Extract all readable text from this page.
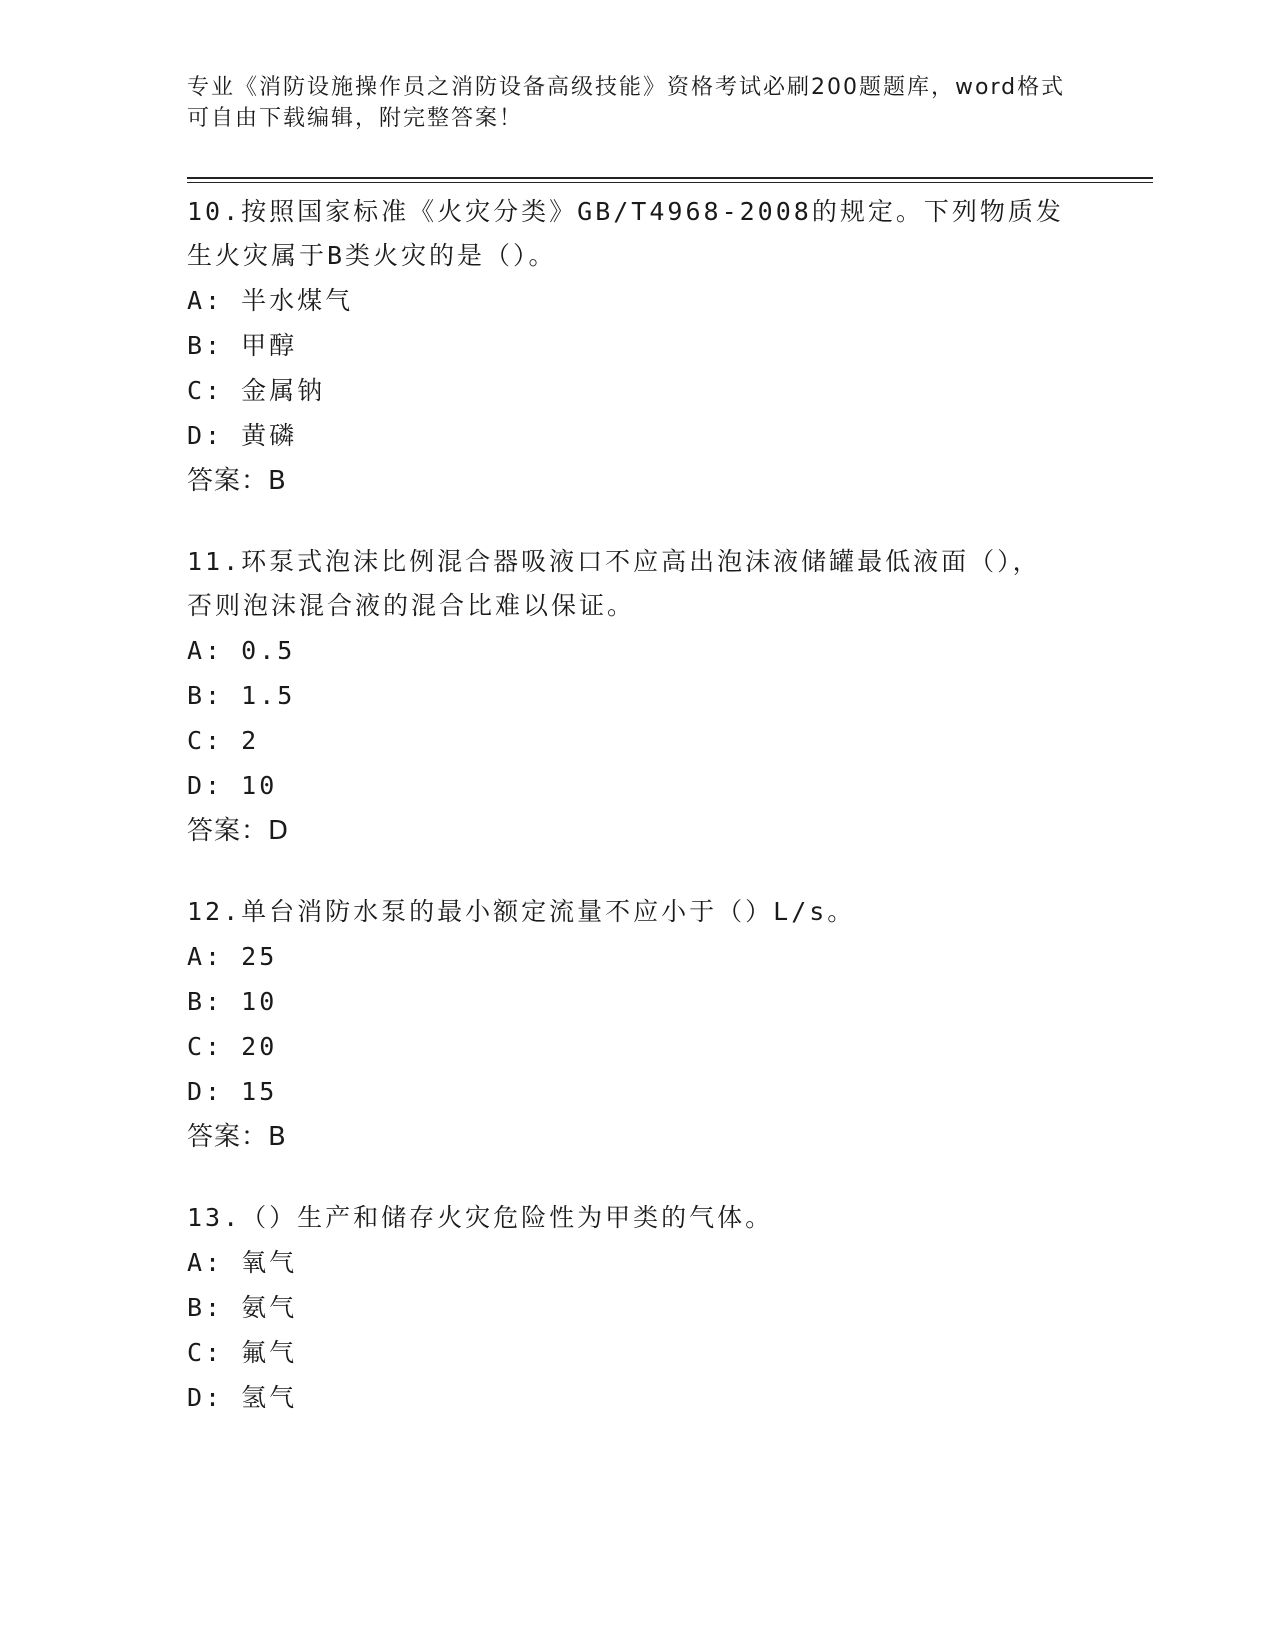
专业《消防设施操作员之消防设备高级技能》资格考试必刷200题题库，word格式可自由下载编辑，附完整答案！

10.按照国家标准《火灾分类》GB/T4968-2008的规定。下列物质发生火灾属于B类火灾的是（）。

A: 半水煤气
B: 甲醇
C: 金属钠
D: 黄磷
答案：B

11.环泵式泡沫比例混合器吸液口不应高出泡沫液储罐最低液面（），否则泡沫混合液的混合比难以保证。

A: 0.5
B: 1.5
C: 2
D: 10
答案：D

12.单台消防水泵的最小额定流量不应小于（）L/s。

A: 25
B: 10
C: 20
D: 15
答案：B

13.（）生产和储存火灾危险性为甲类的气体。

A: 氧气
B: 氨气
C: 氟气
D: 氢气
